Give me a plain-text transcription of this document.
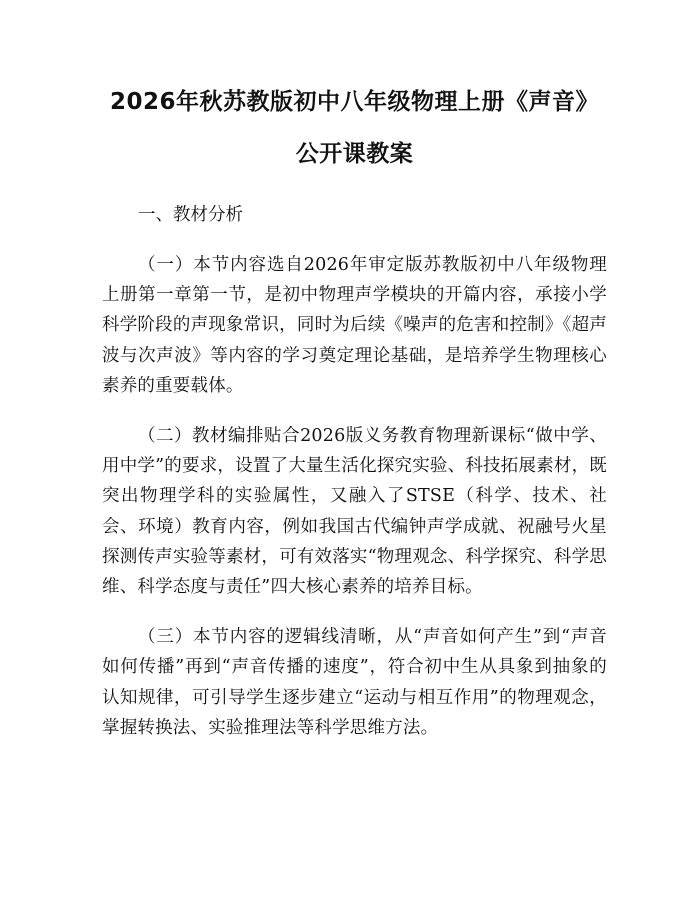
2026年秋苏教版初中八年级物理上册《声音》公开课教案

一、教材分析

（一）本节内容选自2026年审定版苏教版初中八年级物理上册第一章第一节，是初中物理声学模块的开篇内容，承接小学科学阶段的声现象常识，同时为后续《噪声的危害和控制》《超声波与次声波》等内容的学习奠定理论基础，是培养学生物理核心素养的重要载体。

（二）教材编排贴合2026版义务教育物理新课标“做中学、用中学”的要求，设置了大量生活化探究实验、科技拓展素材，既突出物理学科的实验属性，又融入了STSE（科学、技术、社会、环境）教育内容，例如我国古代编钟声学成就、祝融号火星探测传声实验等素材，可有效落实“物理观念、科学探究、科学思维、科学态度与责任”四大核心素养的培养目标。

（三）本节内容的逻辑线清晰，从“声音如何产生”到“声音如何传播”再到“声音传播的速度”，符合初中生从具象到抽象的认知规律，可引导学生逐步建立“运动与相互作用”的物理观念，掌握转换法、实验推理法等科学思维方法。
